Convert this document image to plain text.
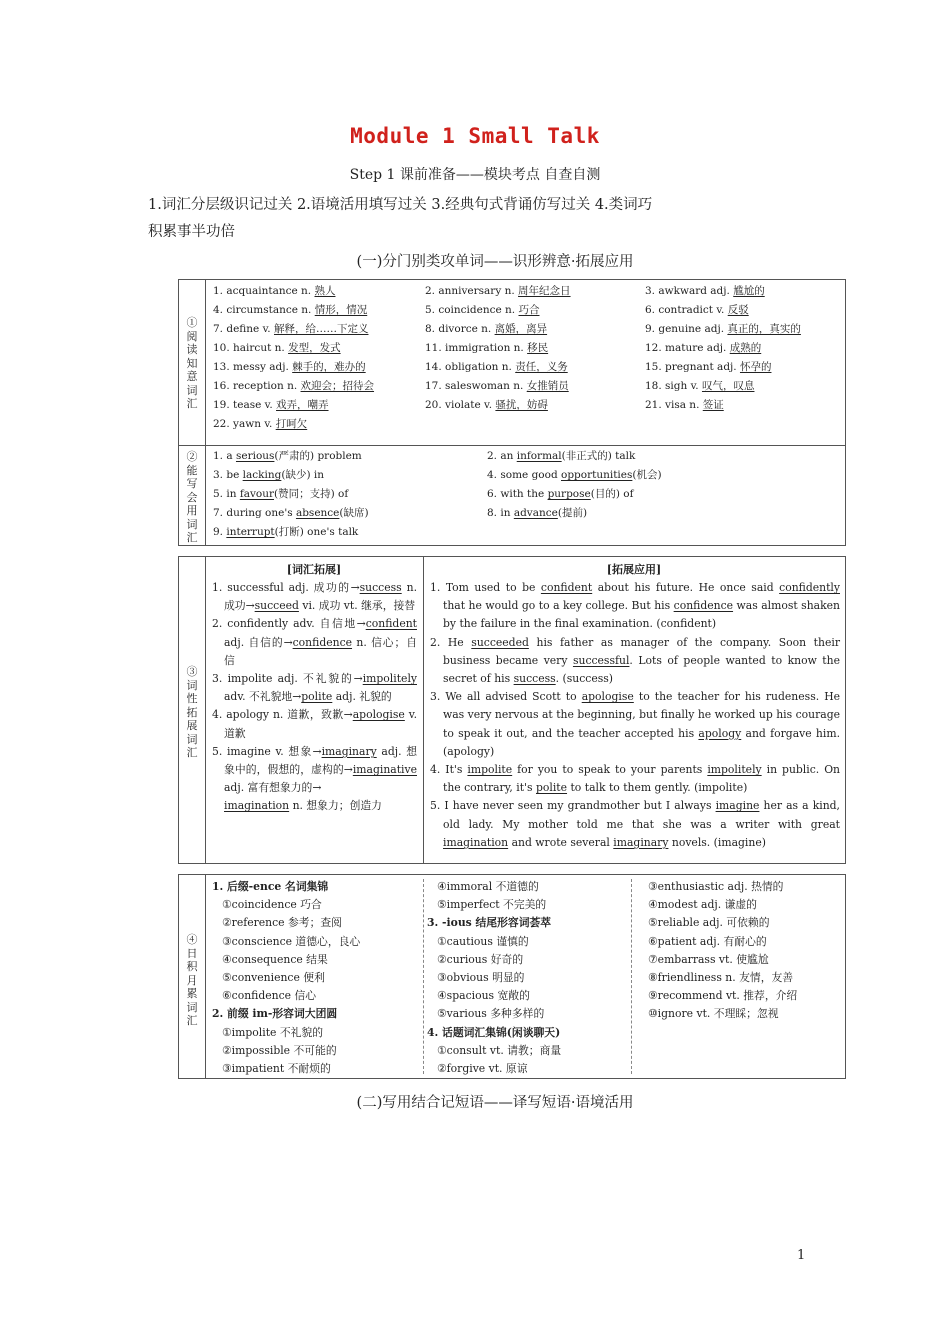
Module 1 Small Talk
Step 1 课前准备——模块考点 自查自测
1.词汇分层级识记过关 2.语境活用填写过关 3.经典句式背诵仿写过关 4.类词巧
积累事半功倍
(一)分门别类攻单词——识形辨意·拓展应用
①阅读知意词汇
1. acquaintance n. 熟人	2. anniversary n. 周年纪念日	3. awkward adj. 尴尬的
4. circumstance n. 情形，情况	5. coincidence n. 巧合	6. contradict v. 反驳
7. define v. 解释，给……下定义	8. divorce n. 离婚，离异	9. genuine adj. 真正的，真实的
10. haircut n. 发型，发式	11. immigration n. 移民	12. mature adj. 成熟的
13. messy adj. 棘手的，难办的	14. obligation n. 责任，义务	15. pregnant adj. 怀孕的
16. reception n. 欢迎会；招待会	17. saleswoman n. 女推销员	18. sigh v. 叹气，叹息
19. tease v. 戏弄，嘲弄	20. violate v. 骚扰，妨碍	21. visa n. 签证
22. yawn v. 打呵欠
②能写会用词汇
1. a serious(严肃的) problem	2. an informal(非正式的) talk
3. be lacking(缺少) in	4. some good opportunities(机会)
5. in favour(赞同；支持) of	6. with the purpose(目的) of
7. during one's absence(缺席)	8. in advance(提前)
9. interrupt(打断) one's talk
③词性拓展词汇
[词汇拓展]	[拓展应用]
1. successful adj. 成功的→success n. 成功→succeed vi. 成功 vt. 继承，接替
2. confidently adv. 自信地→confident adj. 自信的→confidence n. 信心；自信
3. impolite adj. 不礼貌的→impolitely adv. 不礼貌地→polite adj. 礼貌的
4. apology n. 道歉，致歉→apologise v. 道歉
5. imagine v. 想象→imaginary adj. 想象中的，假想的，虚构的→imaginative adj. 富有想象力的→
imagination n. 想象力；创造力
1. Tom used to be confident about his future. He once said confidently that he would go to a key college. But his confidence was almost shaken by the failure in the final examination. (confident)
2. He succeeded his father as manager of the company. Soon their business became very successful. Lots of people wanted to know the secret of his success. (success)
3. We all advised Scott to apologise to the teacher for his rudeness. He was very nervous at the beginning, but finally he worked up his courage to speak it out, and the teacher accepted his apology and forgave him. (apology)
4. It's impolite for you to speak to your parents impolitely in public. On the contrary, it's polite to talk to them gently. (impolite)
5. I have never seen my grandmother but I always imagine her as a kind, old lady. My mother told me that she was a writer with great imagination and wrote several imaginary novels. (imagine)
④日积月累词汇
1. 后缀-ence 名词集锦
①coincidence 巧合
②reference 参考；查阅
③conscience 道德心，良心
④consequence 结果
⑤convenience 便利
⑥confidence 信心
2. 前缀 im-形容词大团圆
①impolite 不礼貌的
②impossible 不可能的
③impatient 不耐烦的
④immoral 不道德的
⑤imperfect 不完美的
3. -ious 结尾形容词荟萃
①cautious 谨慎的
②curious 好奇的
③obvious 明显的
④spacious 宽敞的
⑤various 多种多样的
4. 话题词汇集锦(闲谈聊天)
①consult vt. 请教；商量
②forgive vt. 原谅
③enthusiastic adj. 热情的
④modest adj. 谦虚的
⑤reliable adj. 可依赖的
⑥patient adj. 有耐心的
⑦embarrass vt. 使尴尬
⑧friendliness n. 友情，友善
⑨recommend vt. 推荐，介绍
⑩ignore vt. 不理睬；忽视
(二)写用结合记短语——译写短语·语境活用
1
